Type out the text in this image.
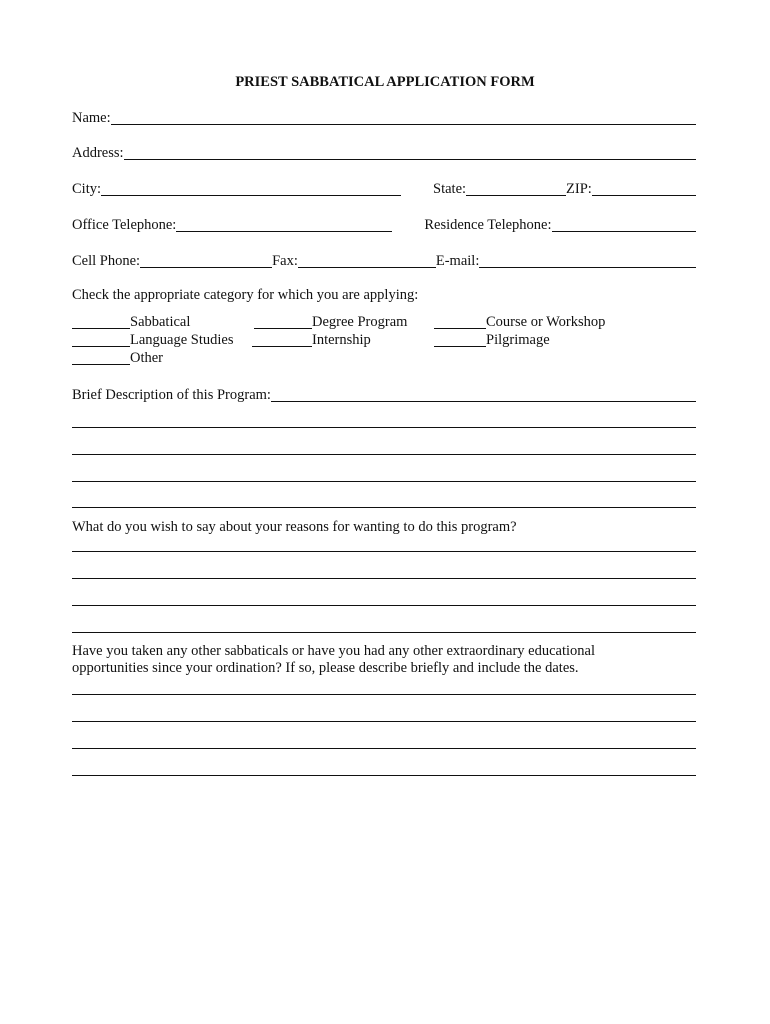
PRIEST SABBATICAL APPLICATION FORM
Name:
Address:
City:	State:	ZIP:
Office Telephone:	Residence Telephone:
Cell Phone:	Fax:	E-mail:
Check the appropriate category for which you are applying:
Sabbatical	Degree Program	Course or Workshop
Language Studies	Internship	Pilgrimage
Other
Brief Description of this Program:
What do you wish to say about your reasons for wanting to do this program?
Have you taken any other sabbaticals or have you had any other extraordinary educational
opportunities since your ordination? If so, please describe briefly and include the dates.
